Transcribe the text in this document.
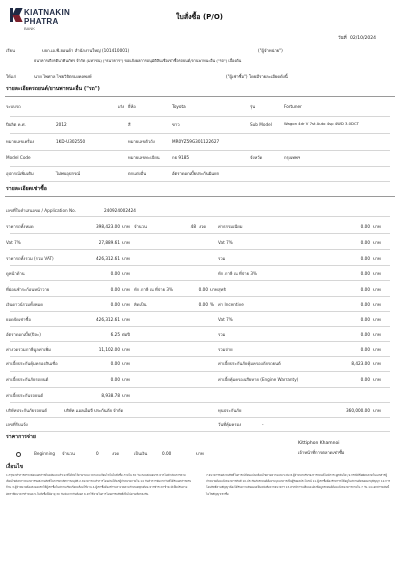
KIATNAKIN
PHATRA
BANK
ใบสั่งซื้อ (P/O)
วันที่ 02/10/2024
เรียน	บจก.เอ.พี.ฮอนด้า สำนักงานใหญ่ (101410001)	("ผู้จำหน่าย")
ธนาคารเกียรตินาคินภัทร จำกัด (มหาชน) ("ธนาคาร") ขอแจ้งผลการอนุมัติสินเชื่อเช่าซื้อรถยนต์/จานพาหนะอื่น ("รถ") เบื้องต้น
ให้แก่	นาย ไพศาล ไชยวิจิตรมงคลพงษ์	("ผู้เช่าซื้อ") โดยมีรายละเอียดดังนี้
รายละเอียดรถยนต์/ยานพาหนะอื่น ("รถ")
ระบบรถ	เก๋ง ยี่ห้อ	Toyota	รุ่น	Fortuner
ปีผลิต ค.ศ.	2012	สี	ขาว	Sub Model	Wagon 4dr V 7st Auto 4sp 4WD 3.0DCT
หมายเลขเครื่อง	1KD-U302550	หมายเลขตัวถัง	MR0YZ59G301122627
Model Code	หมายเลขทะเบียน	กธ 9185	จังหวัด	กรุงเทพฯ
อุปกรณ์เพิ่มเติม	ไม่พบอุปกรณ์	ตกแต่งอื่น	อัตราดอกเบี้ยประกันมิแยก
รายละเอียดเช่าซื้อ
เลขที่ใบคำเสนอขอ / Application No.	240924002424
ราคารถทั้งหมด	398,423.00 บาท จำนวน	48 งวด	ค่าธรรมเนียม	0.00 บาท
Vat 7%	27,889.61 บาท	Vat 7%	0.00 บาท
ราคารถทั้งรวม (รวม VAT)	426,312.61 บาท	รวม	0.00 บาท
ดูหน้าด้าน	0.00 บาท	หัก ภาษี ณ ที่จ่าย 3%	0.00 บาท
ที่ผ่อนชำระก้อนหน้าวาย	0.00 บาท หัก ภาษี ณ ที่จ่าย 3%	0.00 บาท สุทธิ	0.00 บาท
เงินดาวน์รวมทั้งหมด	0.00 บาท คิดเป็น	0.00 % ค่า Incentive	0.00 บาท
ยอดจัดเช่าซื้อ	426,312.61 บาท	Vat 7%	0.00 บาท
อัตราดอกเบี้ย(ปีละ)	6.25 ต่อปี	รวม	0.00 บาท
ค่างวดรวมภาษีมูลค่าเพิ่ม	11,102.00 บาท	รวมจ่าย	0.00 บาท
ค่าเบี้ยประกันคุ้มครองสินเชื่อ	0.00 บาท	ค่าเบี้ยประกันภัยคุ้มครองภัยรถยนต์	8,423.00 บาท
ค่าเบี้ยประกันภัยรถยนต์	0.00 บาท	ค่าเบี้ยคุ้มครองเสียหาย (Engine Warranty)	0.00 บาท
ค่าเบี้ยประกันรถยนต์	8,938.78 บาท
บริษัทประกันภัยรถยนต์	บริษัท แอลเอ็มจี ประกันภัย จำกัด	ทุนประกันภัย	360,000.00 บาท
เลขที่รับแจ้ง	วันที่คุ้มครอง	-
ราคาการจ่าย
Beginning จำนวน	0	งวด	เป็นเงิน	0.00	บาท
Kittiphon Khamnoi
เจ้าหน้าที่การตลาดเช่าซื้อ
เงื่อนไข
1.กรุณาทำการตรวจสอบเอกสารต้นฉบับและสำเนาที่ได้ส่งไว้ตามระยะเวลาและเงื่อนไขในใบสั่งซื้อ ภายใน 30 วัน ก่อนส่งมอบรถ หากไม่ดำเนินการตามเงื่อนไขดังกล่าวธนาคารขอสงวนสิทธิ์ในการยกเลิกการอนุมัติ 2.ธนาคารจะทำการโอนเงินให้แก่ผู้จำหน่ายภายใน 14 วันทำการนับจากวันที่ได้รับเอกสารครบถ้วน 3.ผู้จำหน่ายต้องส่งมอบรถให้ผู้เช่าซื้อในสภาพเรียบร้อยพร้อมใช้งาน 4.ผู้เช่าซื้อต้องชำระค่างวดตามกำหนดทุกเดือน หากชำระล่าช้าจะมีเบี้ยปรับตามอัตราที่ธนาคารกำหนด 5.ใบสั่งซื้อนี้มีอายุ 30 วันนับจากวันที่ออก 6.ค่าใช้จ่ายในการโอนกรรมสิทธิ์เป็นไปตามที่ตกลงกัน
7.ธนาคารขอสงวนสิทธิ์ในการเปลี่ยนแปลงเงื่อนไขตามความเหมาะสม 8.ผู้จำหน่ายรับรองว่ารถยนต์ไม่มีภาระผูกพันใดๆ 9.กรณีมีข้อผิดพลาดในเอกสารผู้จำหน่ายต้องแจ้งธนาคารทันที 10.ประกันภัยรถยนต์ต้องระบุธนาคารเป็นผู้รับผลประโยชน์ 11.ผู้เช่าซื้อต้องรักษารถให้อยู่ในสภาพดีตลอดอายุสัญญา 12.การโอนสิทธิ์ตามสัญญาต้องได้รับความยินยอมเป็นหนังสือจากธนาคาร 13.หากมีการเปลี่ยนแปลงข้อมูลรถยนต์ต้องแจ้งธนาคารภายใน 7 วัน 14.เอกสารฉบับนี้ไม่ใช่สัญญาเช่าซื้อ
